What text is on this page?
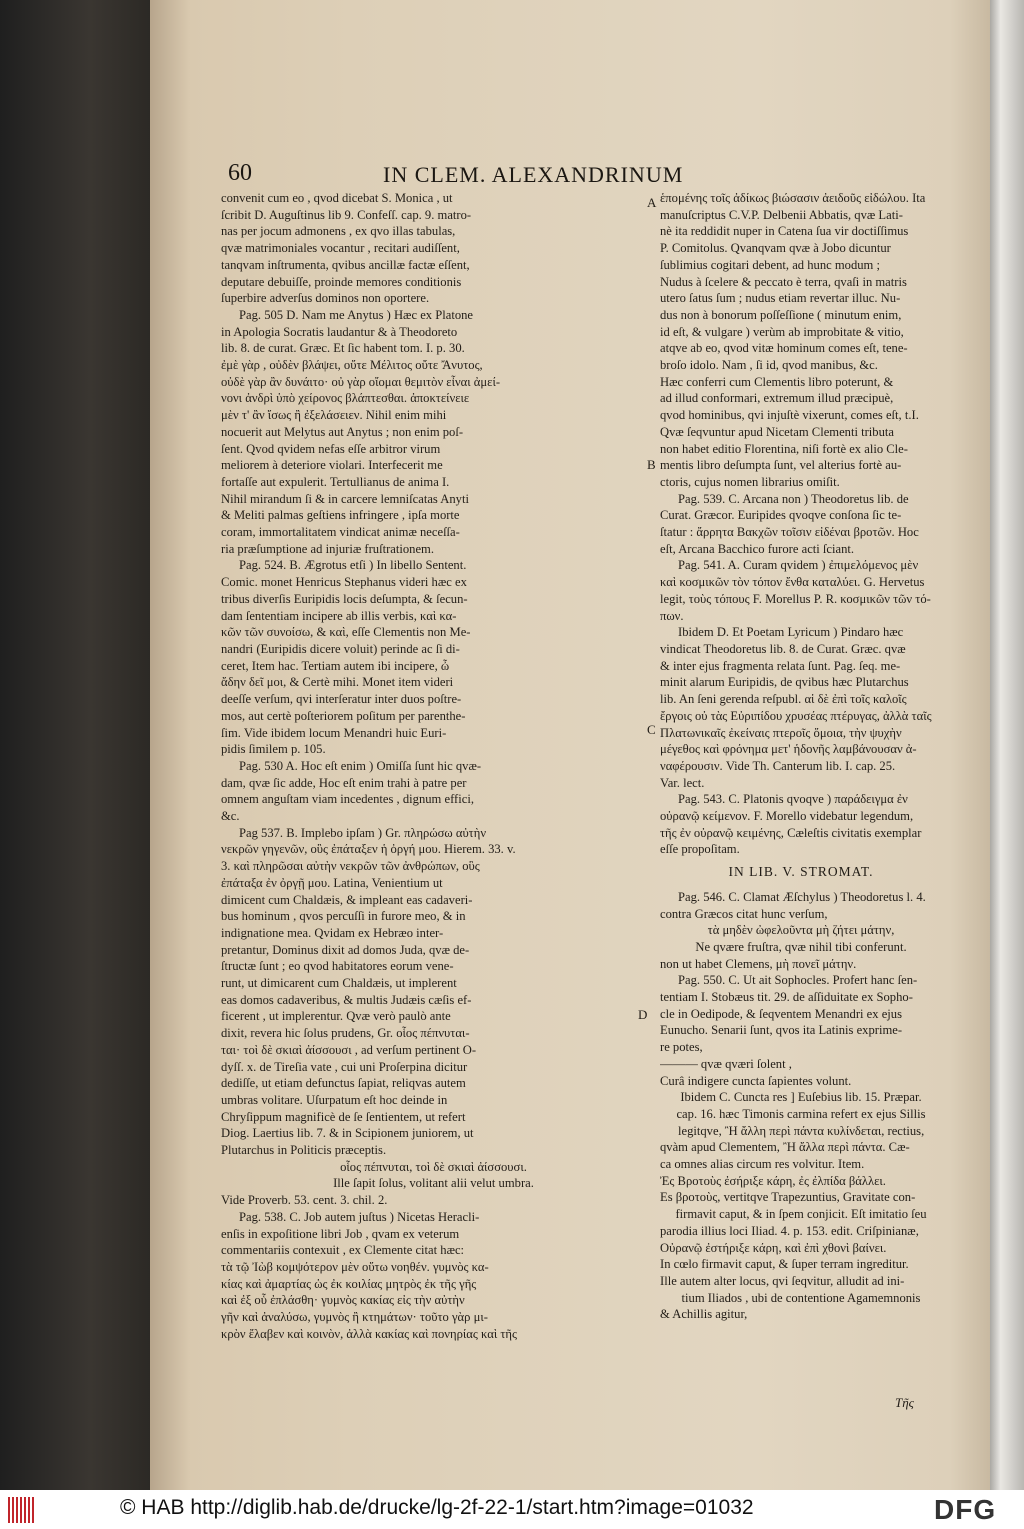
60	IN CLEM. ALEXANDRINUM

convenit cum eo , qvod dicebat S. Monica , ut

ſcribit D. Auguſtinus lib 9. Confeſſ. cap. 9. matro-

nas per jocum admonens , ex qvo illas tabulas,

qvæ matrimoniales vocantur , recitari audiſſent,

tanqvam inſtrumenta, qvibus ancillæ factæ eſſent,

deputare debuiſſe, proinde memores conditionis

ſuperbire adverſus dominos non oportere.

Pag. 505 D. Nam me Anytus ) Hæc ex Platone

in Apologia Socratis laudantur & à Theodoreto

lib. 8. de curat. Græc. Et ſic habent tom. I. p. 30.

ἐμὲ γὰρ , οὐδὲν βλάψει, οὔτε Μέλιτος οὔτε Ἄνυτος,

οὐδὲ γὰρ ἂν δυνάιτο· οὐ γὰρ οἴομαι θεμιτὸν εἶναι ἀμεί-

νονι ἀνδρὶ ὑπὸ χείρονος βλάπτεσθαι. ἀποκτείνειε

μὲν τ' ἂν ἴσως ἢ ἐξελάσειεν. Nihil enim mihi

nocuerit aut Melytus aut Anytus ; non enim poſ-

ſent. Qvod qvidem nefas eſſe arbitror virum

meliorem à deteriore violari. Interfecerit me

fortaſſe aut expulerit. Tertullianus de anima I.

Nihil mirandum ſi & in carcere lemniſcatas Anyti

& Meliti palmas geſtiens infringere , ipſa morte

coram, immortalitatem vindicat animæ neceſſa-

ria præſumptione ad injuriæ fruſtrationem.

Pag. 524. B. Ægrotus etſi ) In libello Sentent.

Comic. monet Henricus Stephanus videri hæc ex

tribus diverſis Euripidis locis deſumpta, & ſecun-

dam ſententiam incipere ab illis verbis, καὶ κα-

κῶν τῶν συνοίσω, & καὶ, eſſe Clementis non Me-

nandri (Euripidis dicere voluit) perinde ac ſi di-

ceret, Item hac. Tertiam autem ibi incipere, ὦ

ἄδην δεῖ μοι, & Certè mihi. Monet item videri

deeſſe verſum, qvi interſeratur inter duos poſtre-

mos, aut certè poſteriorem poſitum per parenthe-

ſim. Vide ibidem locum Menandri huic Euri-

pidis ſimilem p. 105.

Pag. 530 A. Hoc eſt enim ) Omiſſa ſunt hic qvæ-

dam, qvæ ſic adde, Hoc eſt enim trahi à patre per

omnem anguſtam viam incedentes , dignum effici,

&c.

Pag 537. B. Implebo ipſam ) Gr. πληρώσω αὐτὴν

νεκρῶν γηγενῶν, οὓς ἐπάταξεν ἡ ὀργή μου. Hierem. 33. v.

3. καὶ πληρῶσαι αὐτὴν νεκρῶν τῶν ἀνθρώπων, οὓς

ἐπάταξα ἐν ὀργῇ μου. Latina, Venientium ut

dimicent cum Chaldæis, & impleant eas cadaveri-

bus hominum , qvos percuſſi in furore meo, & in

indignatione mea. Qvidam ex Hebræo inter-

pretantur, Dominus dixit ad domos Juda, qvæ de-

ſtructæ ſunt ; eo qvod habitatores eorum vene-

runt, ut dimicarent cum Chaldæis, ut implerent

eas domos cadaveribus, & multis Judæis cæſis ef-

ficerent , ut implerentur. Qvæ verò paulò ante

dixit, revera hic ſolus prudens, Gr. οἷος πέπνυται-

ται· τοὶ δὲ σκιαὶ ἀίσσουσι , ad verſum pertinent O-

dyſſ. x. de Tireſia vate , cui uni Proſerpina dicitur

dediſſe, ut etiam defunctus ſapiat, reliqvas autem

umbras volitare. Uſurpatum eſt hoc deinde in

Chryſippum magnificè de ſe ſentientem, ut refert

Diog. Laertius lib. 7. & in Scipionem juniorem, ut

Plutarchus in Politicis præceptis.

οἷος πέπνυται, τοὶ δὲ σκιαὶ ἀίσσουσι.

Ille ſapit ſolus, volitant alii velut umbra.

Vide Proverb. 53. cent. 3. chil. 2.

Pag. 538. C. Job autem juſtus ) Nicetas Heracli-

enſis in expoſitione libri Job , qvam ex veterum

commentariis contexuit , ex Clemente citat hæc:

τὰ τῷ Ἰὼβ κομψότερον μὲν οὕτω νοηθέν. γυμνὸς κα-

κίας καὶ ἀμαρτίας ὡς ἐκ κοιλίας μητρὸς ἐκ τῆς γῆς

καὶ ἐξ οὗ ἐπλάσθη· γυμνὸς κακίας εἰς τὴν αὐτὴν

γῆν καὶ ἀναλύσω, γυμνὸς ἢ κτημάτων· τοῦτο γὰρ μι-

κρὸν ἔλαβεν καὶ κοινὸν, ἀλλὰ κακίας καὶ πονηρίας καὶ τῆς

ἑπομένης τοῖς ἀδίκως βιώσασιν ἀειδοῦς εἰδώλου. Ita

manuſcriptus C.V.P. Delbenii Abbatis, qvæ Lati-

nè ita reddidit nuper in Catena ſua vir doctiſſimus

P. Comitolus. Qvanqvam qvæ à Jobo dicuntur

ſublimius cogitari debent, ad hunc modum ;

Nudus à ſcelere & peccato è terra, qvaſi in matris

utero ſatus ſum ; nudus etiam revertar illuc. Nu-

dus non à bonorum poſſeſſione ( minutum enim,

id eſt, & vulgare ) verùm ab improbitate & vitio,

atqve ab eo, qvod vitæ hominum comes eſt, tene-

broſo idolo. Nam , ſi id, qvod manibus, &c.

Hæc conferri cum Clementis libro poterunt, &

ad illud conformari, extremum illud præcipuè,

qvod hominibus, qvi injuſtè vixerunt, comes eſt, t.I.

Qvæ ſeqvuntur apud Nicetam Clementi tributa

non habet editio Florentina, niſi fortè ex alio Cle-

mentis libro deſumpta ſunt, vel alterius fortè au-

ctoris, cujus nomen librarius omiſit.

Pag. 539. C. Arcana non ) Theodoretus lib. de

Curat. Græcor. Euripides qvoqve conſona ſic te-

ſtatur : ἄρρητα Βακχῶν τοῖσιν εἰδέναι βροτῶν. Hoc

eſt, Arcana Bacchico furore acti ſciant.

Pag. 541. A. Curam qvidem ) ἐπιμελόμενος μὲν

καὶ κοσμικῶν τὸν τόπον ἔνθα καταλύει. G. Hervetus

legit, τοὺς τόπους F. Morellus P. R. κοσμικῶν τῶν τό-

πων.

Ibidem D. Et Poetam Lyricum ) Pindaro hæc

vindicat Theodoretus lib. 8. de Curat. Græc. qvæ

& inter ejus fragmenta relata ſunt. Pag. ſeq. me-

minit alarum Euripidis, de qvibus hæc Plutarchus

lib. An ſeni gerenda reſpubl. αἱ δὲ ἐπὶ τοῖς καλοῖς

ἔργοις οὐ τὰς Εὐριπίδου χρυσέας πτέρυγας, ἀλλὰ ταῖς

Πλατωνικαῖς ἐκείναις πτεροῖς ὅμοια, τὴν ψυχὴν

μέγεθος καὶ φρόνημα μετ' ἡδονῆς λαμβάνουσαν ἀ-

ναφέρουσιν. Vide Th. Canterum lib. I. cap. 25.

Var. lect.

Pag. 543. C. Platonis qvoqve ) παράδειγμα ἐν

οὐρανῷ κείμενον. F. Morello videbatur legendum,

τῆς ἐν οὐρανῷ κειμένης, Cæleſtis civitatis exemplar

eſſe propoſitam.

IN LIB. V. STROMAT.

Pag. 546. C. Clamat Æſchylus ) Theodoretus l. 4.

contra Græcos citat hunc verſum,

τὰ μηδὲν ὠφελοῦντα μὴ ζήτει μάτην,

Ne qvære fruſtra, qvæ nihil tibi conferunt.

non ut habet Clemens, μὴ πονεῖ μάτην.

Pag. 550. C. Ut ait Sophocles. Profert hanc ſen-

tentiam I. Stobæus tit. 29. de aſſiduitate ex Sopho-

cle in Oedipode, & ſeqventem Menandri ex ejus

Eunucho. Senarii ſunt, qvos ita Latinis exprime-

re potes,

——— qvæ qværi ſolent ,

Curâ indigere cuncta ſapientes volunt.

Ibidem C. Cuncta res ] Euſebius lib. 15. Præpar.

cap. 16. hæc Timonis carmina refert ex ejus Sillis

legitqve, Ἢ ἄλλη περὶ πάντα κυλίνδεται, rectius,

qvàm apud Clementem, Ἢ ἄλλα περὶ πάντα. Cæ-

ca omnes alias circum res volvitur. Item.

Ἐς Βροτοὺς ἐσήριξε κάρη, ἐς ἐλπίδα βάλλει.

Es βροτοὺς, vertitqve Trapezuntius, Gravitate con-

firmavit caput, & in ſpem conjicit. Eſt imitatio ſeu

parodia illius loci Iliad. 4. p. 153. edit. Criſpinianæ,

Οὐρανῷ ἐστήριξε κάρη, καὶ ἐπὶ χθονὶ βαίνει.

In cœlo firmavit caput, & ſuper terram ingreditur.

Ille autem alter locus, qvi ſeqvitur, alludit ad ini-

tium Iliados , ubi de contentione Agamemnonis

& Achillis agitur,

A
B
C
D
Tῆς
© HAB http://diglib.hab.de/drucke/lg-2f-22-1/start.htm?image=01032	DFG
